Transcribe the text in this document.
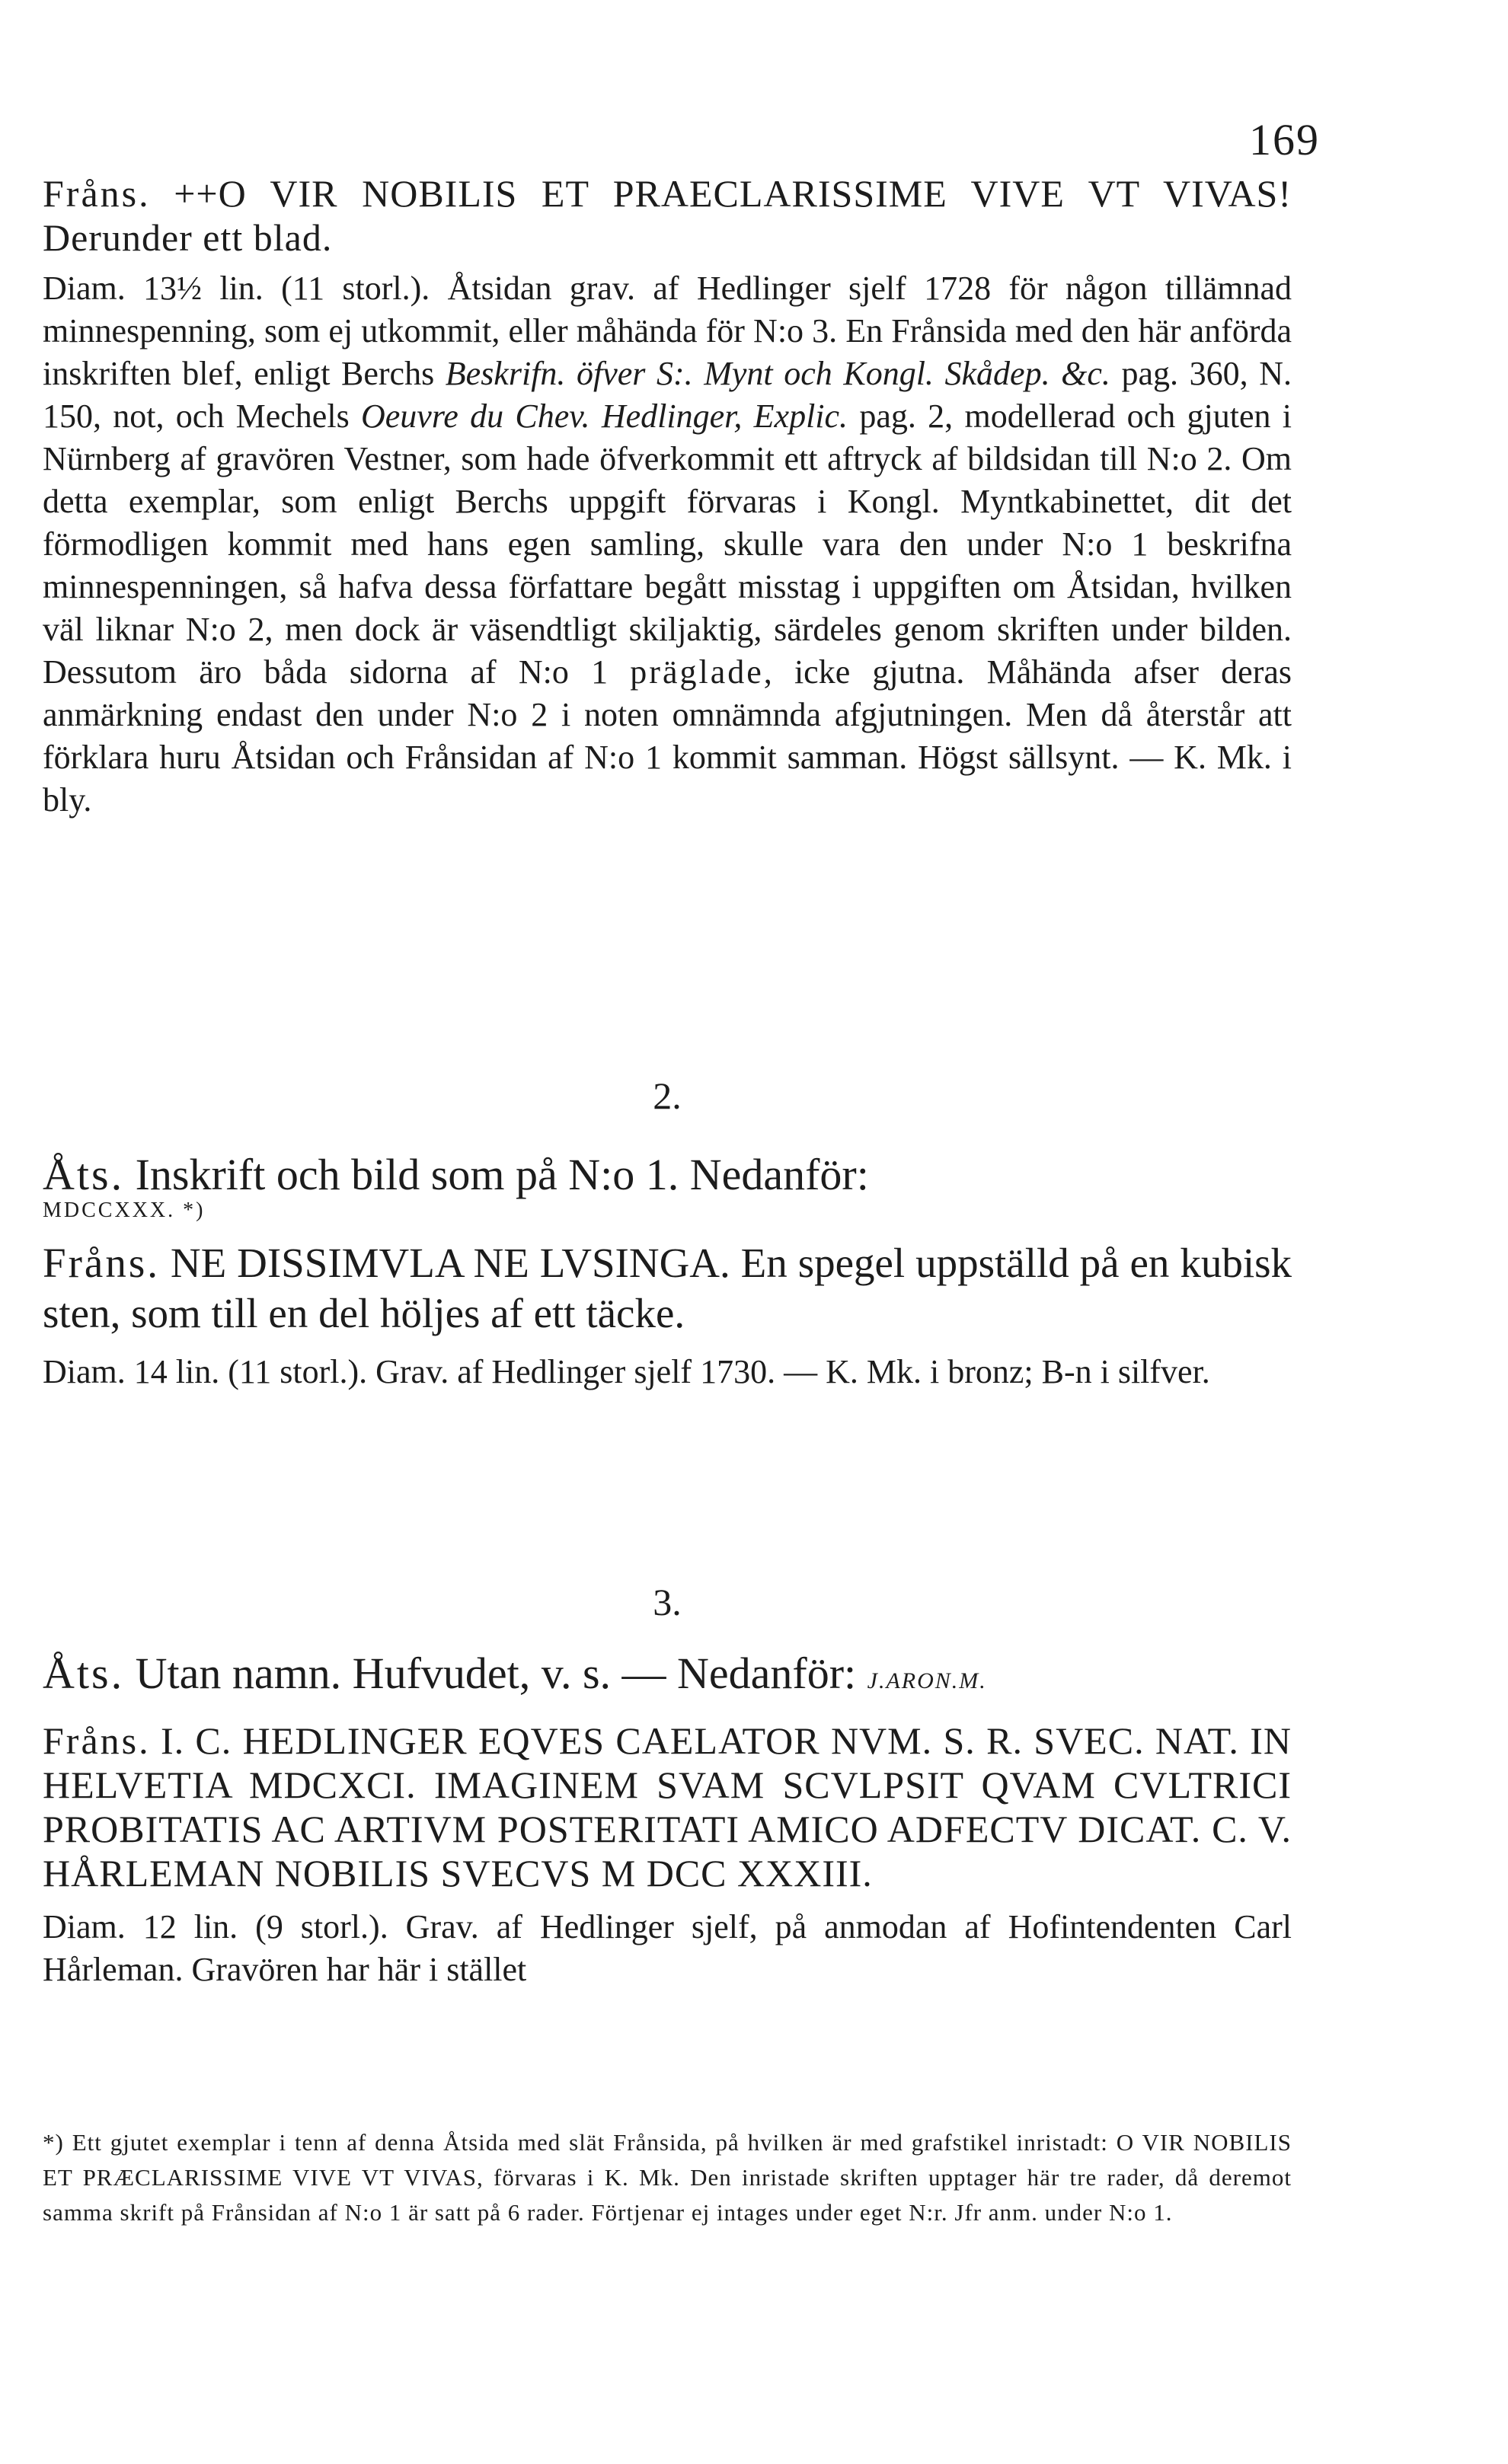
169

Fråns. ++O VIR NOBILIS ET PRAECLARISSIME VIVE VT VIVAS! Derunder ett blad.

Diam. 13½ lin. (11 storl.). Åtsidan grav. af Hedlinger sjelf 1728 för någon tillämnad minnespenning, som ej utkommit, eller måhända för N:o 3. En Frånsida med den här anförda inskriften blef, enligt Berchs Beskrifn. öfver S:. Mynt och Kongl. Skådep. &c. pag. 360, N. 150, not, och Mechels Oeuvre du Chev. Hedlinger, Explic. pag. 2, modellerad och gjuten i Nürnberg af gravören Vestner, som hade öfverkommit ett aftryck af bildsidan till N:o 2. Om detta exemplar, som enligt Berchs uppgift förvaras i Kongl. Myntkabinettet, dit det förmodligen kommit med hans egen samling, skulle vara den under N:o 1 beskrifna minnespenningen, så hafva dessa författare begått misstag i uppgiften om Åtsidan, hvilken väl liknar N:o 2, men dock är väsendtligt skiljaktig, särdeles genom skriften under bilden. Dessutom äro båda sidorna af N:o 1 präglade, icke gjutna. Måhända afser deras anmärkning endast den under N:o 2 i noten omnämnda afgjutningen. Men då återstår att förklara huru Åtsidan och Frånsidan af N:o 1 kommit samman. Högst sällsynt. — K. Mk. i bly.

2.

Åts. Inskrift och bild som på N:o 1. Nedanför:

MDCCXXX. *)

Fråns. NE DISSIMVLA NE LVSINGA. En spegel uppställd på en kubisk sten, som till en del höljes af ett täcke.

Diam. 14 lin. (11 storl.). Grav. af Hedlinger sjelf 1730. — K. Mk. i bronz; B-n i silfver.

3.

Åts. Utan namn. Hufvudet, v. s. — Nedanför: J.ARON.M.

Fråns. I. C. HEDLINGER EQVES CAELATOR NVM. S. R. SVEC. NAT. IN HELVETIA MDCXCI. IMAGINEM SVAM SCVLPSIT QVAM CVLTRICI PROBITATIS AC ARTIVM POSTERITATI AMICO ADFECTV DICAT. C. V. HÅRLEMAN NOBILIS SVECVS M DCC XXXIII.

Diam. 12 lin. (9 storl.). Grav. af Hedlinger sjelf, på anmodan af Hofintendenten Carl Hårleman. Gravören har här i stället

*) Ett gjutet exemplar i tenn af denna Åtsida med slät Frånsida, på hvilken är med grafstikel inristadt: O VIR NOBILIS ET PRÆCLARISSIME VIVE VT VIVAS, förvaras i K. Mk. Den inristade skriften upptager här tre rader, då deremot samma skrift på Frånsidan af N:o 1 är satt på 6 rader. Förtjenar ej intages under eget N:r. Jfr anm. under N:o 1.
